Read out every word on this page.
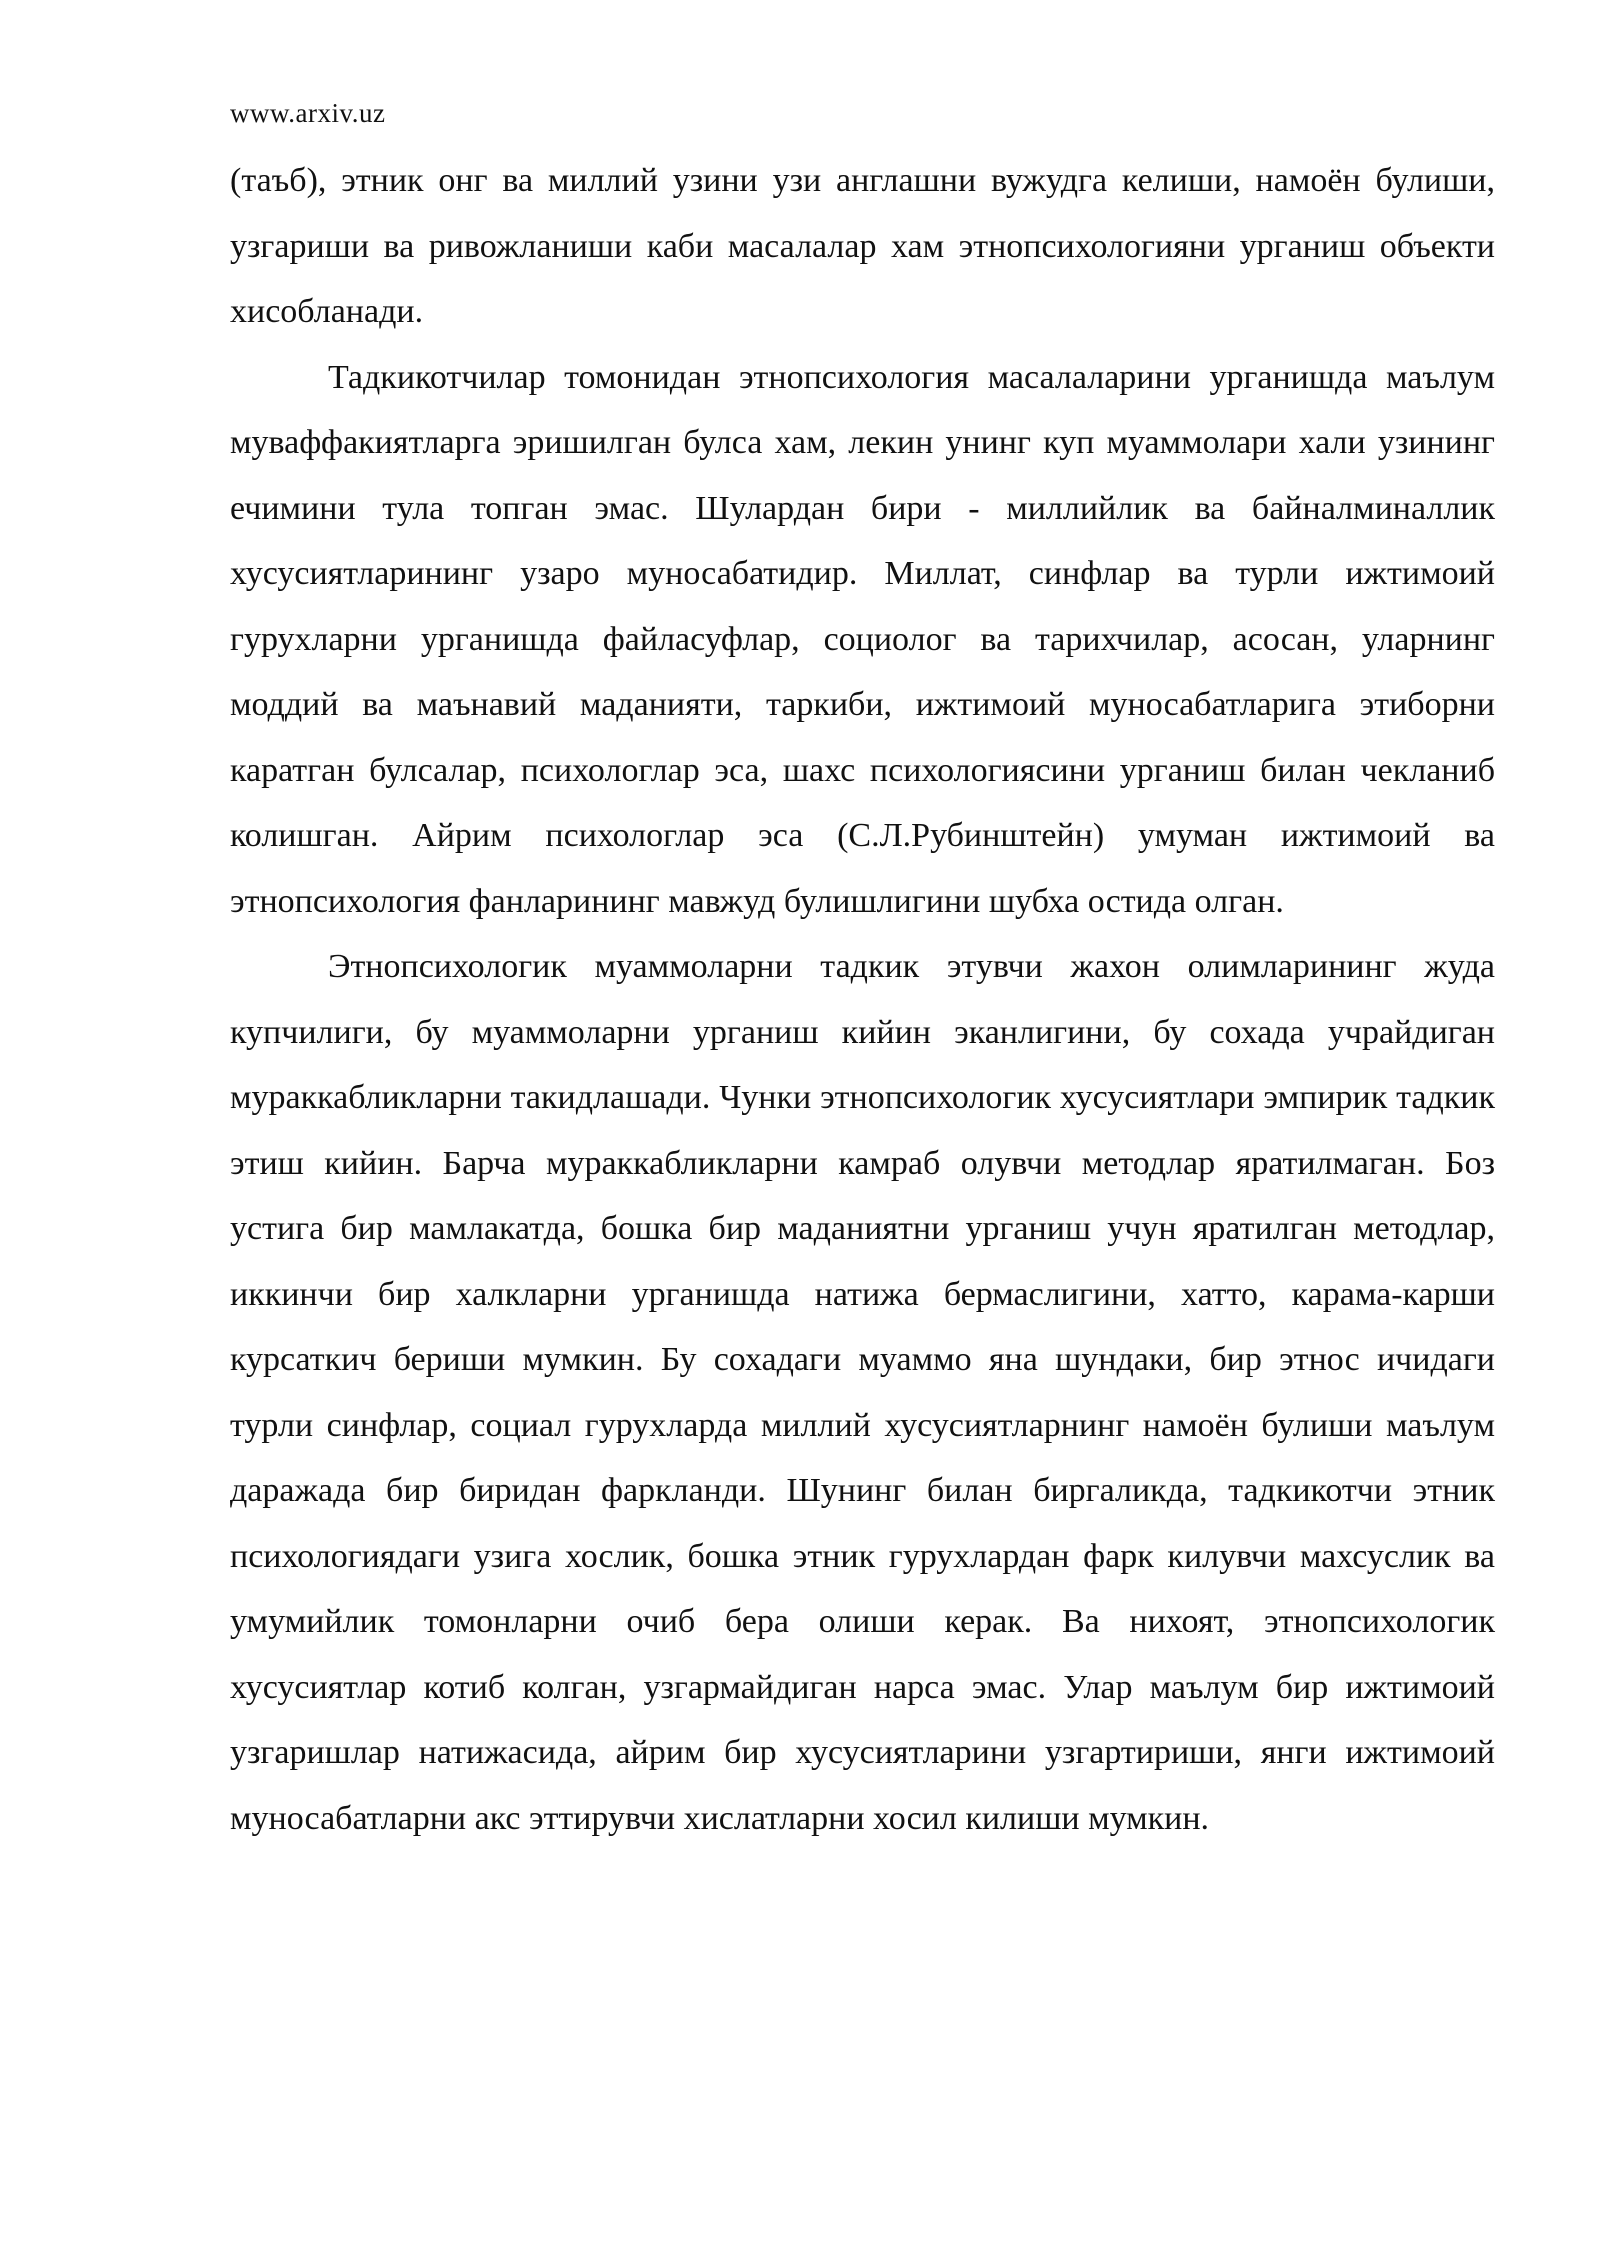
www.arxiv.uz

(таъб), этник онг ва миллий узини узи англашни вужудга келиши, намоён булиши, узгариши ва ривожланиши каби масалалар хам этнопсихологияни урганиш объекти хисобланади.

Тадкикотчилар томонидан этнопсихология масалаларини урганишда маълум муваффакиятларга эришилган булса хам, лекин унинг куп муаммолари хали узининг ечимини тула топган эмас. Шулардан бири - миллийлик ва байналминаллик хусусиятларининг узаро муносабатидир. Миллат, синфлар ва турли ижтимоий гурухларни урганишда файласуфлар, социолог ва тарихчилар, асосан, уларнинг моддий ва маънавий маданияти, таркиби, ижтимоий муносабатларига этиборни каратган булсалар, психологлар эса, шахс психологиясини урганиш билан чекланиб колишган. Айрим психологлар эса (С.Л.Рубинштейн) умуман ижтимоий ва этнопсихология фанларининг мавжуд булишлигини шубха остида олган.

Этнопсихологик муаммоларни тадкик этувчи жахон олимларининг жуда купчилиги, бу муаммоларни урганиш кийин эканлигини, бу сохада учрайдиган мураккабликларни такидлашади. Чунки этнопсихологик хусусиятлари эмпирик тадкик этиш кийин. Барча мураккабликларни камраб олувчи методлар яратилмаган. Боз устига бир мамлакатда, бошка бир маданиятни урганиш учун яратилган методлар, иккинчи бир халкларни урганишда натижа бермаслигини, хатто, карама-карши курсаткич бериши мумкин. Бу сохадаги муаммо яна шундаки, бир этнос ичидаги турли синфлар, социал гурухларда миллий хусусиятларнинг намоён булиши маълум даражада бир биридан фаркланди. Шунинг билан биргаликда, тадкикотчи этник психологиядаги узига хослик, бошка этник гурухлардан фарк килувчи махсуслик ва умумийлик томонларни очиб бера олиши керак. Ва нихоят, этнопсихологик хусусиятлар котиб колган, узгармайдиган нарса эмас. Улар маълум бир ижтимоий узгаришлар натижасида, айрим бир хусусиятларини узгартириши, янги ижтимоий муносабатларни акс эттирувчи хислатларни хосил килиши мумкин.
